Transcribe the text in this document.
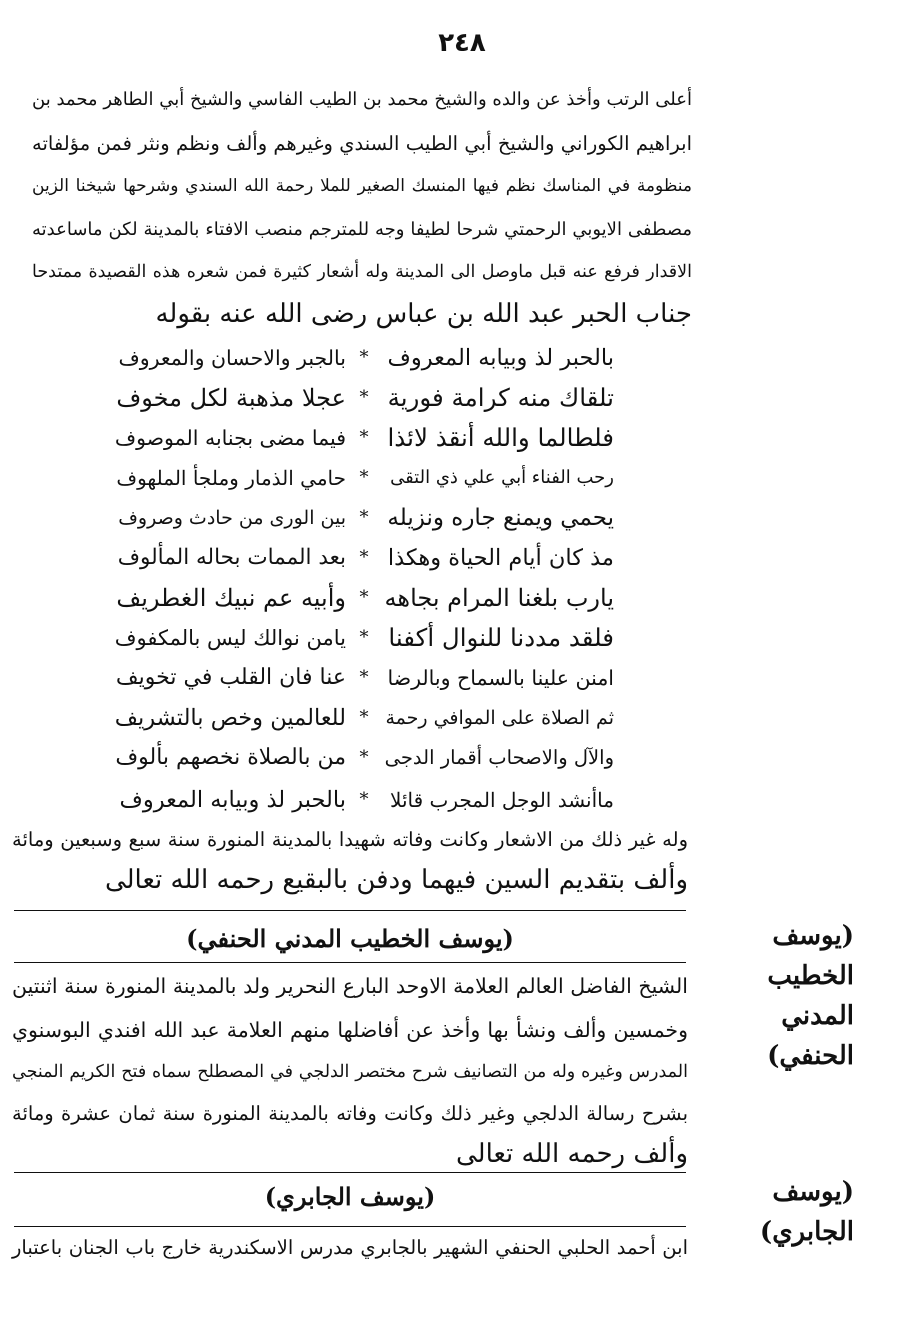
٢٤٨
أعلى الرتب وأخذ عن والده والشيخ محمد بن الطيب الفاسي والشيخ أبي الطاهر محمد بن
ابراهيم الكوراني والشيخ أبي الطيب السندي وغيرهم وألف ونظم ونثر فمن مؤلفاته
منظومة في المناسك نظم فيها المنسك الصغير للملا رحمة الله السندي وشرحها شيخنا الزين
مصطفى الايوبي الرحمتي شرحا لطيفا وجه للمترجم منصب الافتاء بالمدينة لكن ماساعدته
الاقدار فرفع عنه قبل ماوصل الى المدينة وله أشعار كثيرة فمن شعره هذه القصيدة ممتدحا
جناب الحبر عبد الله بن عباس رضى الله عنه بقوله
بالحبر لذ وبيابه المعروف
*
بالجبر والاحسان والمعروف
تلقاك منه كرامة فورية
*
عجلا مذهبة لكل مخوف
فلطالما والله أنقذ لائذا
*
فيما مضى بجنابه الموصوف
رحب الفناء أبي علي ذي التقى
*
حامي الذمار وملجأ الملهوف
يحمي ويمنع جاره ونزيله
*
بين الورى من حادث وصروف
مذ كان أيام الحياة وهكذا
*
بعد الممات بحاله المألوف
يارب بلغنا المرام بجاهه
*
وأبيه عم نبيك الغطريف
فلقد مددنا للنوال أكفنا
*
يامن نوالك ليس بالمكفوف
امنن علينا بالسماح وبالرضا
*
عنا فان القلب في تخويف
ثم الصلاة على الموافي رحمة
*
للعالمين وخص بالتشريف
والآل والاصحاب أقمار الدجى
*
من بالصلاة نخصهم بألوف
ماأنشد الوجل المجرب قائلا
*
بالحبر لذ وبيابه المعروف
وله غير ذلك من الاشعار وكانت وفاته شهيدا بالمدينة المنورة سنة سبع وسبعين ومائة
وألف بتقديم السين فيهما ودفن بالبقيع رحمه الله تعالى
(يوسف الخطيب المدني الحنفي)	(يوسف الخطيب
المدني الحنفي)
الشيخ الفاضل العالم العلامة الاوحد البارع النحرير ولد بالمدينة المنورة سنة اثنتين
وخمسين وألف ونشأ بها وأخذ عن أفاضلها منهم العلامة عبد الله افندي البوسنوي
المدرس وغيره وله من التصانيف شرح مختصر الدلجي في المصطلح سماه فتح الكريم المنجي
بشرح رسالة الدلجي وغير ذلك وكانت وفاته بالمدينة المنورة سنة ثمان عشرة ومائة
وألف رحمه الله تعالى
(يوسف الجابري)	(يوسف الجابري)
ابن أحمد الحلبي الحنفي الشهير بالجابري مدرس الاسكندرية خارج باب الجنان باعتبار
